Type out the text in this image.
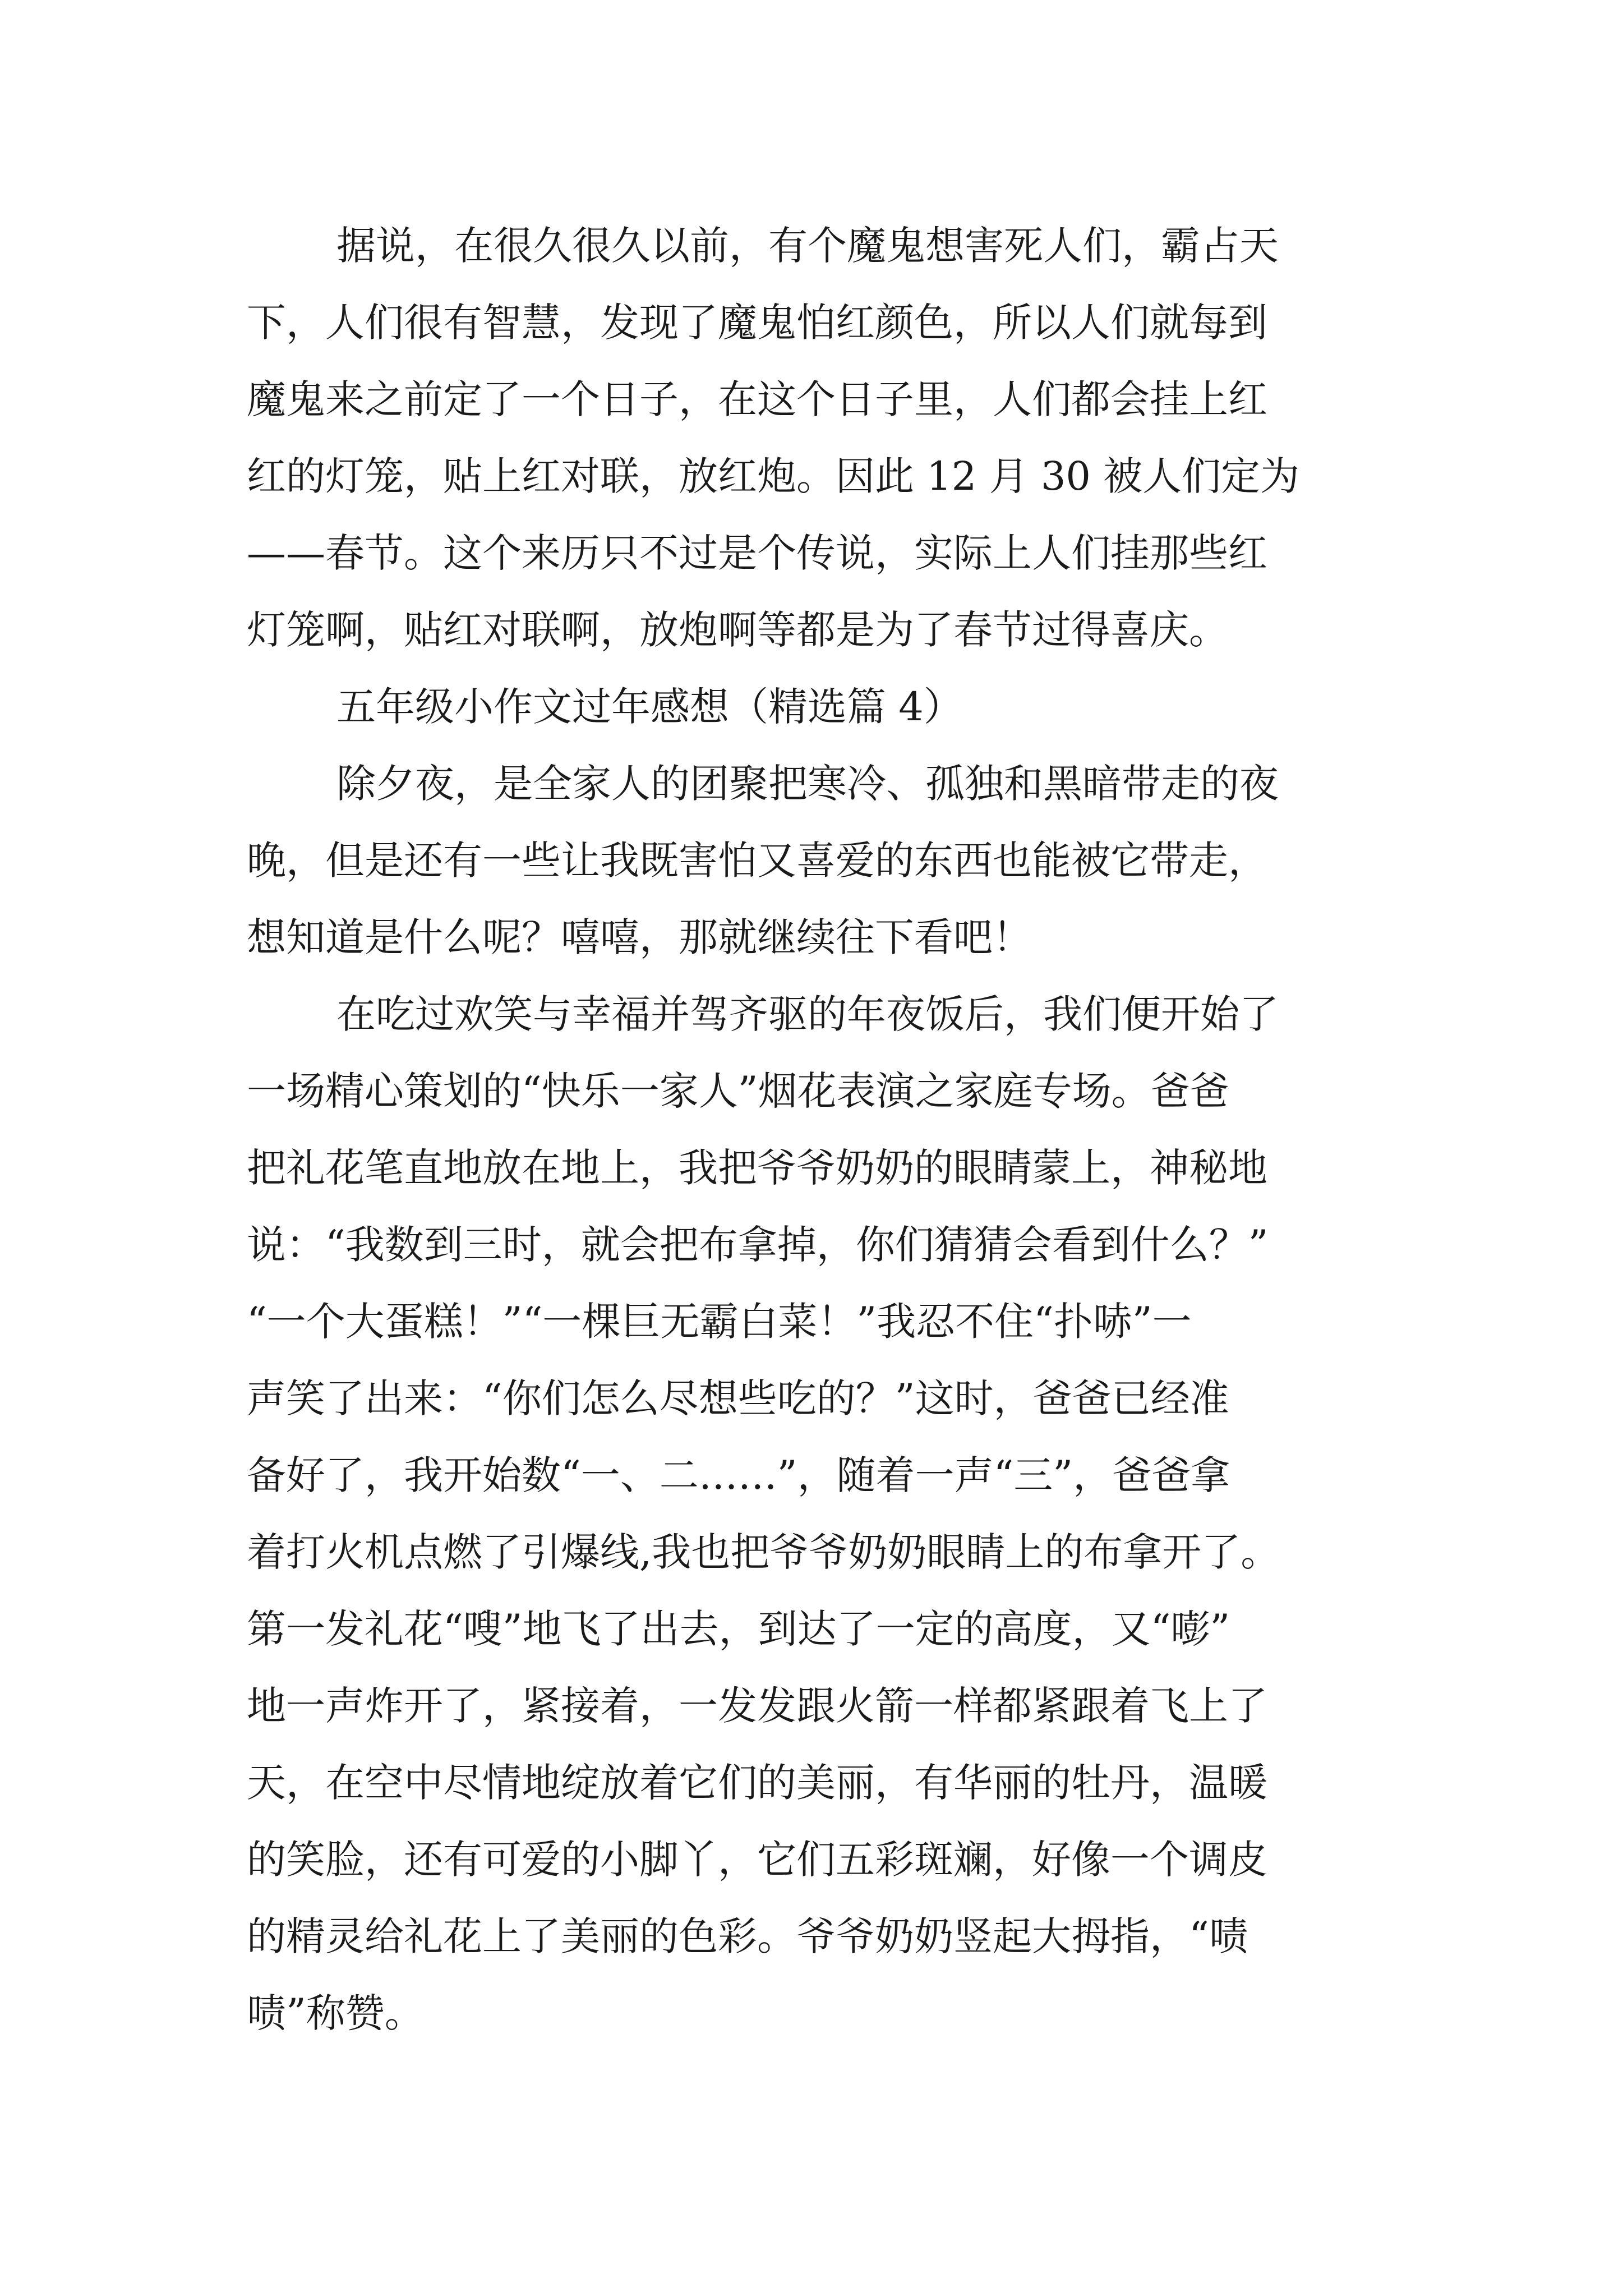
据说，在很久很久以前，有个魔鬼想害死人们，霸占天
下，人们很有智慧，发现了魔鬼怕红颜色，所以人们就每到
魔鬼来之前定了一个日子，在这个日子里，人们都会挂上红
红的灯笼，贴上红对联，放红炮。因此 12 月 30 被人们定为
——春节。这个来历只不过是个传说，实际上人们挂那些红
灯笼啊，贴红对联啊，放炮啊等都是为了春节过得喜庆。
五年级小作文过年感想（精选篇 4）
除夕夜，是全家人的团聚把寒冷、孤独和黑暗带走的夜
晚，但是还有一些让我既害怕又喜爱的东西也能被它带走，
想知道是什么呢？嘻嘻，那就继续往下看吧！
在吃过欢笑与幸福并驾齐驱的年夜饭后，我们便开始了
一场精心策划的“快乐一家人”烟花表演之家庭专场。爸爸
把礼花笔直地放在地上，我把爷爷奶奶的眼睛蒙上，神秘地
说：“我数到三时，就会把布拿掉，你们猜猜会看到什么？”
“一个大蛋糕！”“一棵巨无霸白菜！”我忍不住“扑哧”一
声笑了出来：“你们怎么尽想些吃的？”这时，爸爸已经准
备好了，我开始数“一、二……”，随着一声“三”，爸爸拿
着打火机点燃了引爆线,我也把爷爷奶奶眼睛上的布拿开了。
第一发礼花“嗖”地飞了出去，到达了一定的高度，又“嘭”
地一声炸开了，紧接着，一发发跟火箭一样都紧跟着飞上了
天，在空中尽情地绽放着它们的美丽，有华丽的牡丹，温暖
的笑脸，还有可爱的小脚丫，它们五彩斑斓，好像一个调皮
的精灵给礼花上了美丽的色彩。爷爷奶奶竖起大拇指，“啧
啧”称赞。
